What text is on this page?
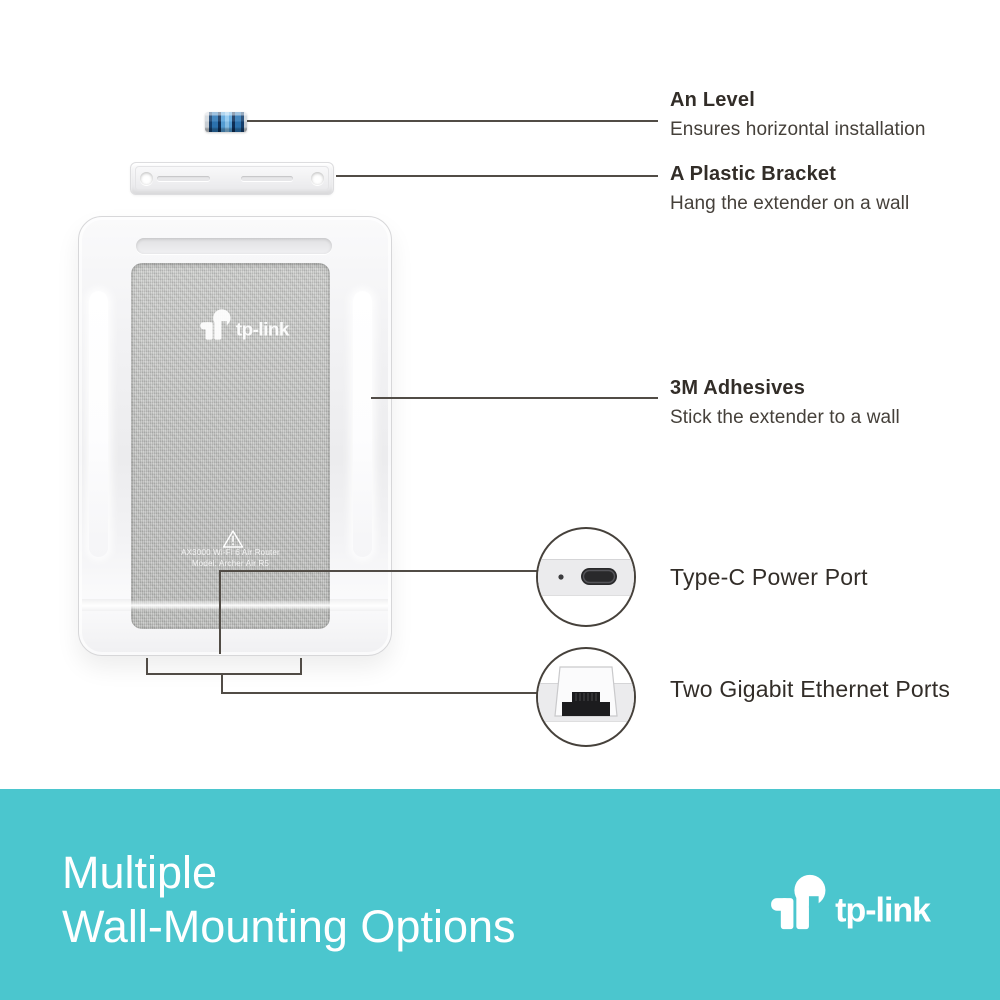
tp-link
AX3000 Wi-Fi 6 Air Router
Model: Archer Air R5
An Level
Ensures horizontal installation
A Plastic Bracket
Hang the extender on a wall
3M Adhesives
Stick the extender to a wall
Type-C Power Port
Two Gigabit Ethernet Ports
Multiple
Wall-Mounting Options	tp-link
